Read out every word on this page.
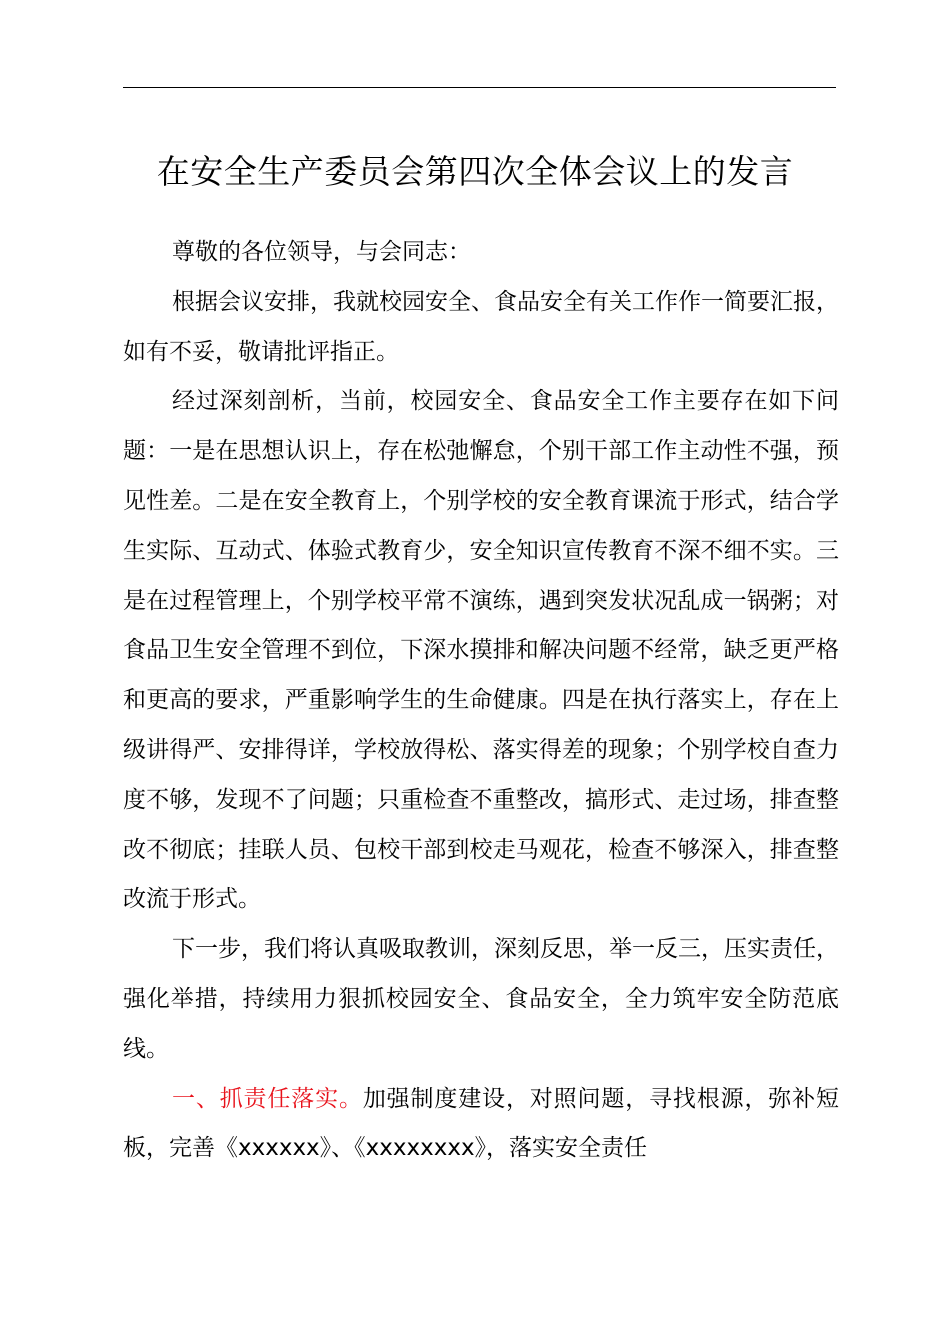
在安全生产委员会第四次全体会议上的发言

尊敬的各位领导，与会同志：

根据会议安排，我就校园安全、食品安全有关工作作一简要汇报，如有不妥，敬请批评指正。

经过深刻剖析，当前，校园安全、食品安全工作主要存在如下问题：一是在思想认识上，存在松弛懈怠，个别干部工作主动性不强，预见性差。二是在安全教育上，个别学校的安全教育课流于形式，结合学生实际、互动式、体验式教育少，安全知识宣传教育不深不细不实。三是在过程管理上，个别学校平常不演练，遇到突发状况乱成一锅粥；对食品卫生安全管理不到位，下深水摸排和解决问题不经常，缺乏更严格和更高的要求，严重影响学生的生命健康。四是在执行落实上，存在上级讲得严、安排得详，学校放得松、落实得差的现象；个别学校自查力度不够，发现不了问题；只重检查不重整改，搞形式、走过场，排查整改不彻底；挂联人员、包校干部到校走马观花，检查不够深入，排查整改流于形式。

下一步，我们将认真吸取教训，深刻反思，举一反三，压实责任，强化举措，持续用力狠抓校园安全、食品安全，全力筑牢安全防范底线。

一、抓责任落实。加强制度建设，对照问题，寻找根源，弥补短板，完善《xxxxxx》、《xxxxxxxx》，落实安全责任
